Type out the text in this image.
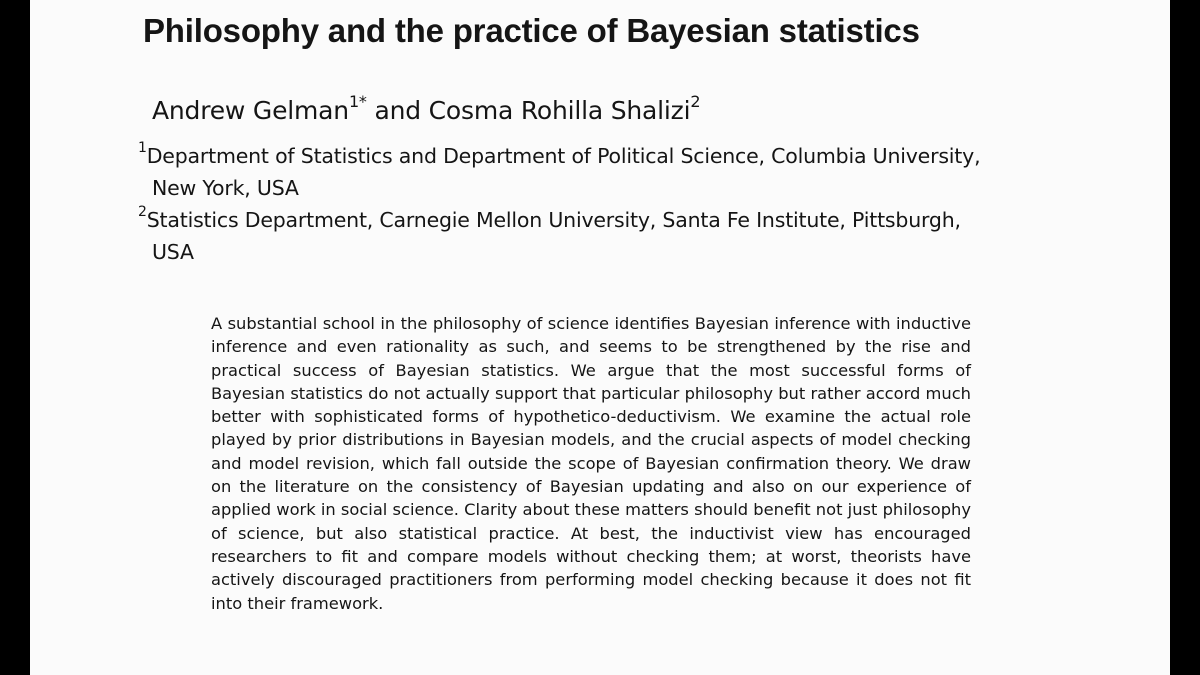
Philosophy and the practice of Bayesian statistics
Andrew Gelman$^{1*}$ and Cosma Rohilla Shalizi$^2$
$^1$Department of Statistics and Department of Political Science, Columbia University,
New York, USA
$^2$Statistics Department, Carnegie Mellon University, Santa Fe Institute, Pittsburgh,
USA

A substantial school in the philosophy of science identifies Bayesian inference with inductive inference and even rationality as such, and seems to be strengthened by the rise and practical success of Bayesian statistics. We argue that the most successful forms of Bayesian statistics do not actually support that particular philosophy but rather accord much better with sophisticated forms of hypothetico-deductivism. We examine the actual role played by prior distributions in Bayesian models, and the crucial aspects of model checking and model revision, which fall outside the scope of Bayesian confirmation theory. We draw on the literature on the consistency of Bayesian updating and also on our experience of applied work in social science. Clarity about these matters should benefit not just philosophy of science, but also statistical practice. At best, the inductivist view has encouraged researchers to fit and compare models without checking them; at worst, theorists have actively discouraged practitioners from performing model checking because it does not fit into their framework.
